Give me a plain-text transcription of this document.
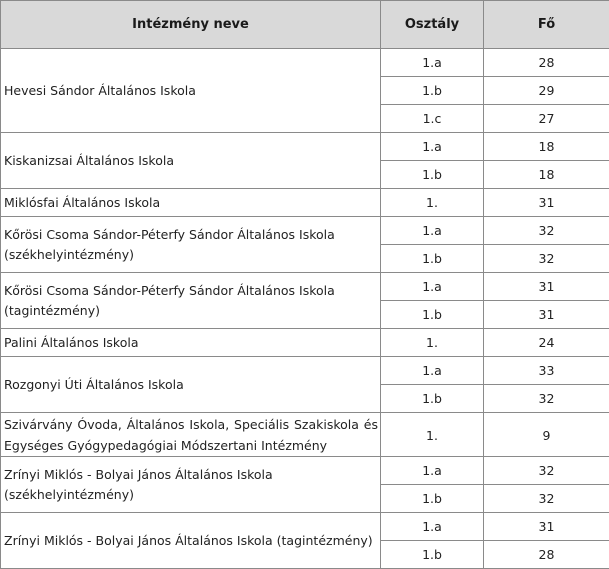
Intézmény neve	Osztály	Fő
Hevesi Sándor Általános Iskola	1.a	28
	1.b	29
	1.c	27
Kiskanizsai Általános Iskola	1.a	18
	1.b	18
Miklósfai Általános Iskola	1.	31
Kőrösi Csoma Sándor-Péterfy Sándor Általános Iskola (székhelyintézmény)	1.a	32
	1.b	32
Kőrösi Csoma Sándor-Péterfy Sándor Általános Iskola (tagintézmény)	1.a	31
	1.b	31
Palini Általános Iskola	1.	24
Rozgonyi Úti Általános Iskola	1.a	33
	1.b	32
Szivárvány Óvoda, Általános Iskola, Speciális Szakiskola és Egységes Gyógypedagógiai Módszertani Intézmény	1.	9
Zrínyi Miklós - Bolyai János Általános Iskola (székhelyintézmény)	1.a	32
	1.b	32
Zrínyi Miklós - Bolyai János Általános Iskola (tagintézmény)	1.a	31
	1.b	28
